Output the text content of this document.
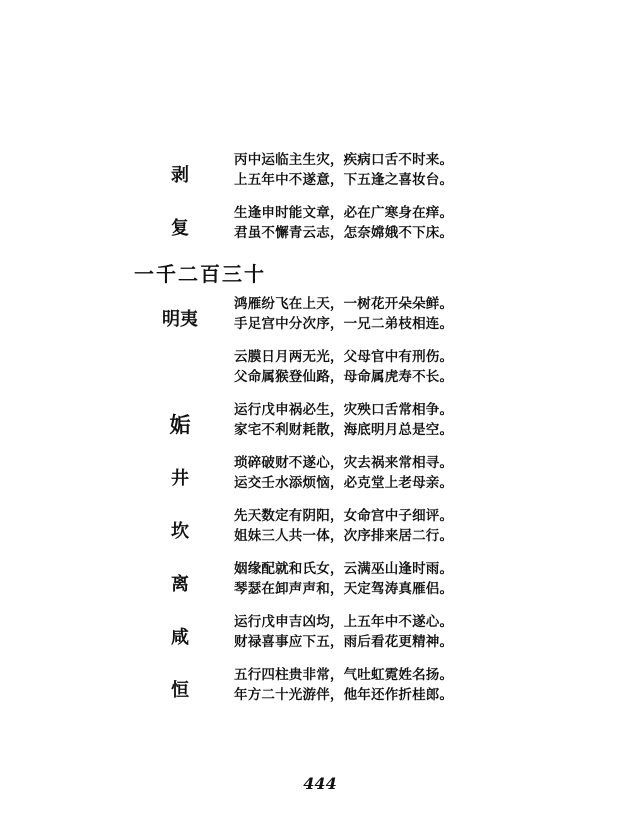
剥
丙中运临主生灾，疾病口舌不时来。
上五年中不遂意，下五逢之喜妆台。
复
生逢申时能文章，必在广寒身在痒。
君虽不懈青云志，怎奈嫦娥不下床。
一千二百三十
明夷
鸿雁纷飞在上天，一树花开朵朵鲜。
手足宫中分次序，一兄二弟枝相连。
云膜日月两无光，父母官中有刑伤。
父命属猴登仙路，母命属虎寿不长。
姤
运行戊申祸必生，灾殃口舌常相争。
家宅不利财耗散，海底明月总是空。
井
琐碎破财不遂心，灾去祸来常相寻。
运交壬水添烦恼，必克堂上老母亲。
坎
先天数定有阴阳，女命宫中子细评。
姐妹三人共一体，次序排来居二行。
离
姻缘配就和氏女，云满巫山逢时雨。
琴瑟在卸声声和，天定驾涛真雁侣。
咸
运行戊申吉凶均，上五年中不遂心。
财禄喜事应下五，雨后看花更精神。
恒
五行四柱贵非常，气吐虹霓姓名扬。
年方二十光游伴，他年还作折桂郎。
444
